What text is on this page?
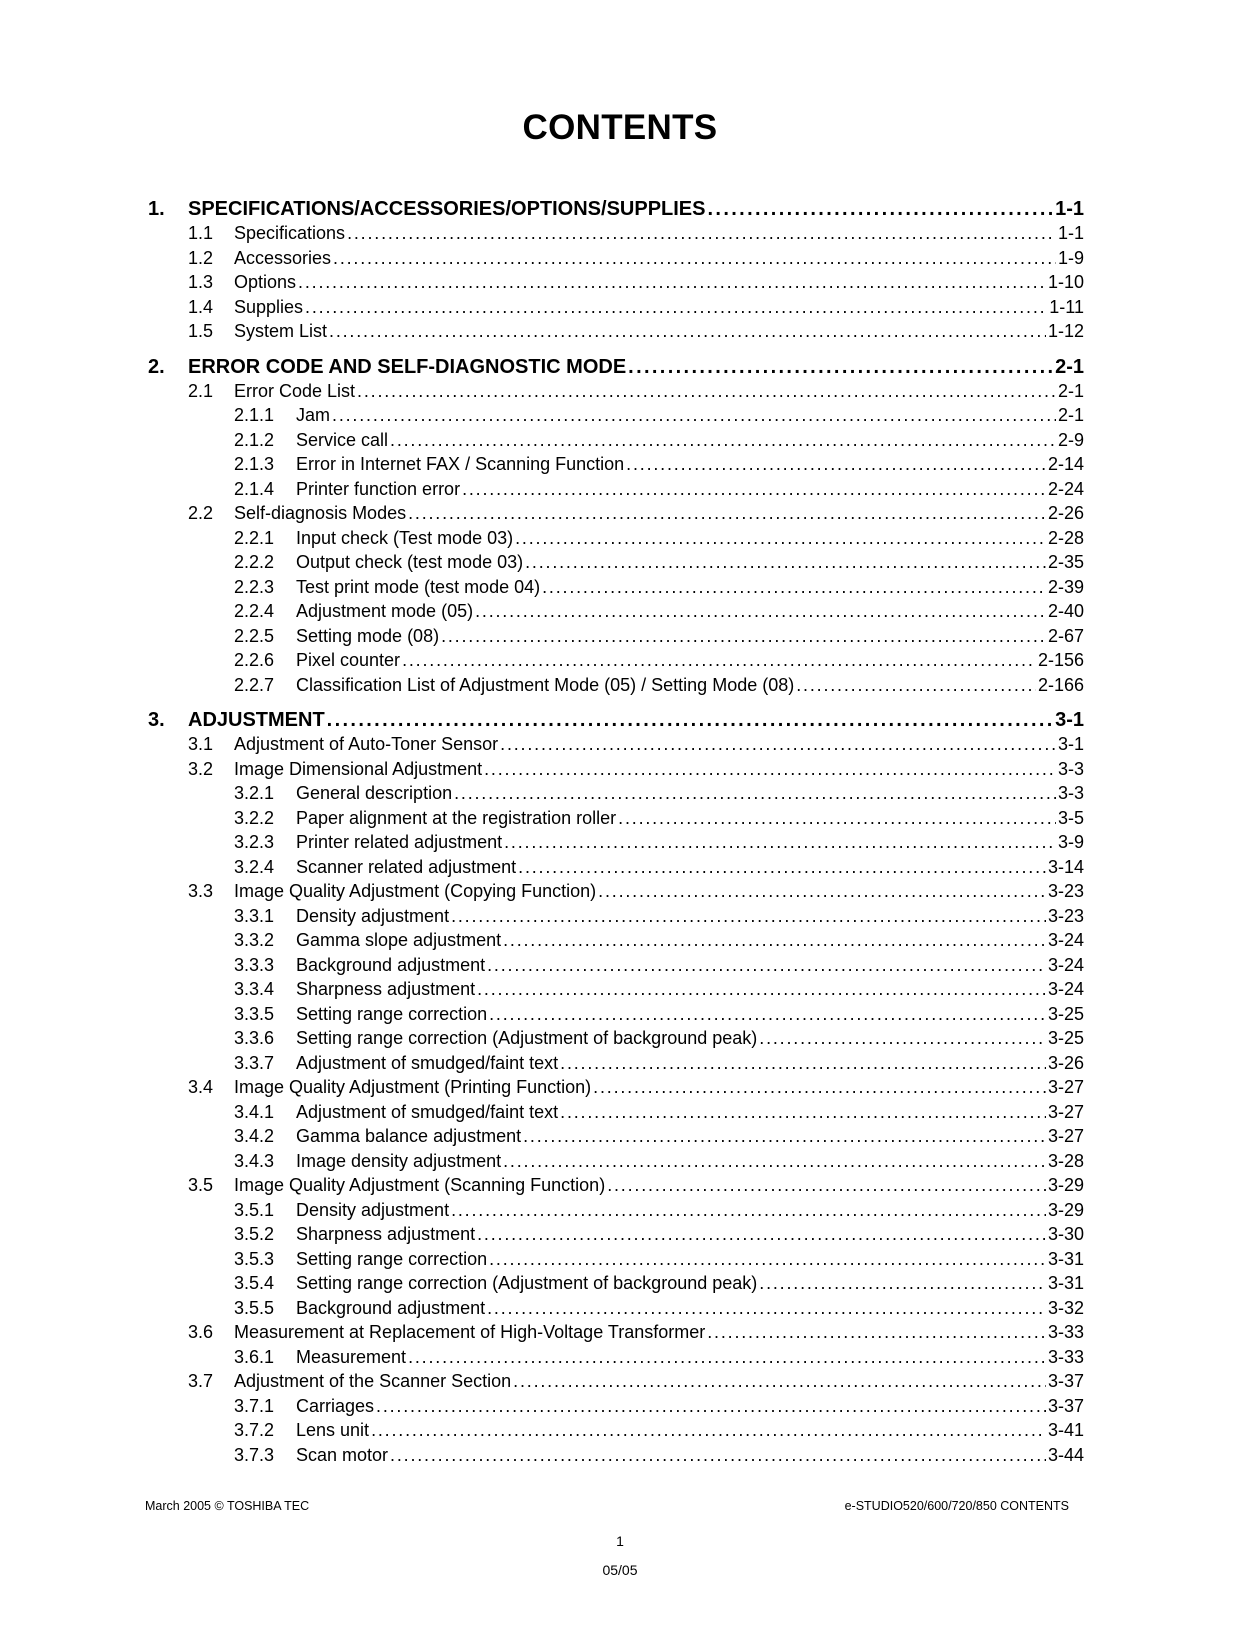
CONTENTS
1. SPECIFICATIONS/ACCESSORIES/OPTIONS/SUPPLIES . . .	1-1
1.1 Specifications . . .	1-1
1.2 Accessories . . .	1-9
1.3 Options . . .	1-10
1.4 Supplies . . .	1-11
1.5 System List . . .	1-12
2. ERROR CODE AND SELF-DIAGNOSTIC MODE . . .	2-1
2.1 Error Code List . . .	2-1
2.1.1 Jam . . .	2-1
2.1.2 Service call . . .	2-9
2.1.3 Error in Internet FAX / Scanning Function . . .	2-14
2.1.4 Printer function error . . .	2-24
2.2 Self-diagnosis Modes . . .	2-26
2.2.1 Input check (Test mode 03) . . .	2-28
2.2.2 Output check (test mode 03) . . .	2-35
2.2.3 Test print mode (test mode 04) . . .	2-39
2.2.4 Adjustment mode (05) . . .	2-40
2.2.5 Setting mode (08) . . .	2-67
2.2.6 Pixel counter . . .	2-156
2.2.7 Classification List of Adjustment Mode (05) / Setting Mode (08) . . .	2-166
3. ADJUSTMENT . . .	3-1
3.1 Adjustment of Auto-Toner Sensor . . .	3-1
3.2 Image Dimensional Adjustment . . .	3-3
3.2.1 General description . . .	3-3
3.2.2 Paper alignment at the registration roller . . .	3-5
3.2.3 Printer related adjustment . . .	3-9
3.2.4 Scanner related adjustment . . .	3-14
3.3 Image Quality Adjustment (Copying Function) . . .	3-23
3.3.1 Density adjustment . . .	3-23
3.3.2 Gamma slope adjustment . . .	3-24
3.3.3 Background adjustment . . .	3-24
3.3.4 Sharpness adjustment . . .	3-24
3.3.5 Setting range correction . . .	3-25
3.3.6 Setting range correction (Adjustment of background peak) . . .	3-25
3.3.7 Adjustment of smudged/faint text . . .	3-26
3.4 Image Quality Adjustment (Printing Function) . . .	3-27
3.4.1 Adjustment of smudged/faint text . . .	3-27
3.4.2 Gamma balance adjustment . . .	3-27
3.4.3 Image density adjustment . . .	3-28
3.5 Image Quality Adjustment (Scanning Function) . . .	3-29
3.5.1 Density adjustment . . .	3-29
3.5.2 Sharpness adjustment . . .	3-30
3.5.3 Setting range correction . . .	3-31
3.5.4 Setting range correction (Adjustment of background peak) . . .	3-31
3.5.5 Background adjustment . . .	3-32
3.6 Measurement at Replacement of High-Voltage Transformer . . .	3-33
3.6.1 Measurement . . .	3-33
3.7 Adjustment of the Scanner Section . . .	3-37
3.7.1 Carriages . . .	3-37
3.7.2 Lens unit . . .	3-41
3.7.3 Scan motor . . .	3-44
March 2005 © TOSHIBA TEC	e-STUDIO520/600/720/850 CONTENTS
1
05/05
